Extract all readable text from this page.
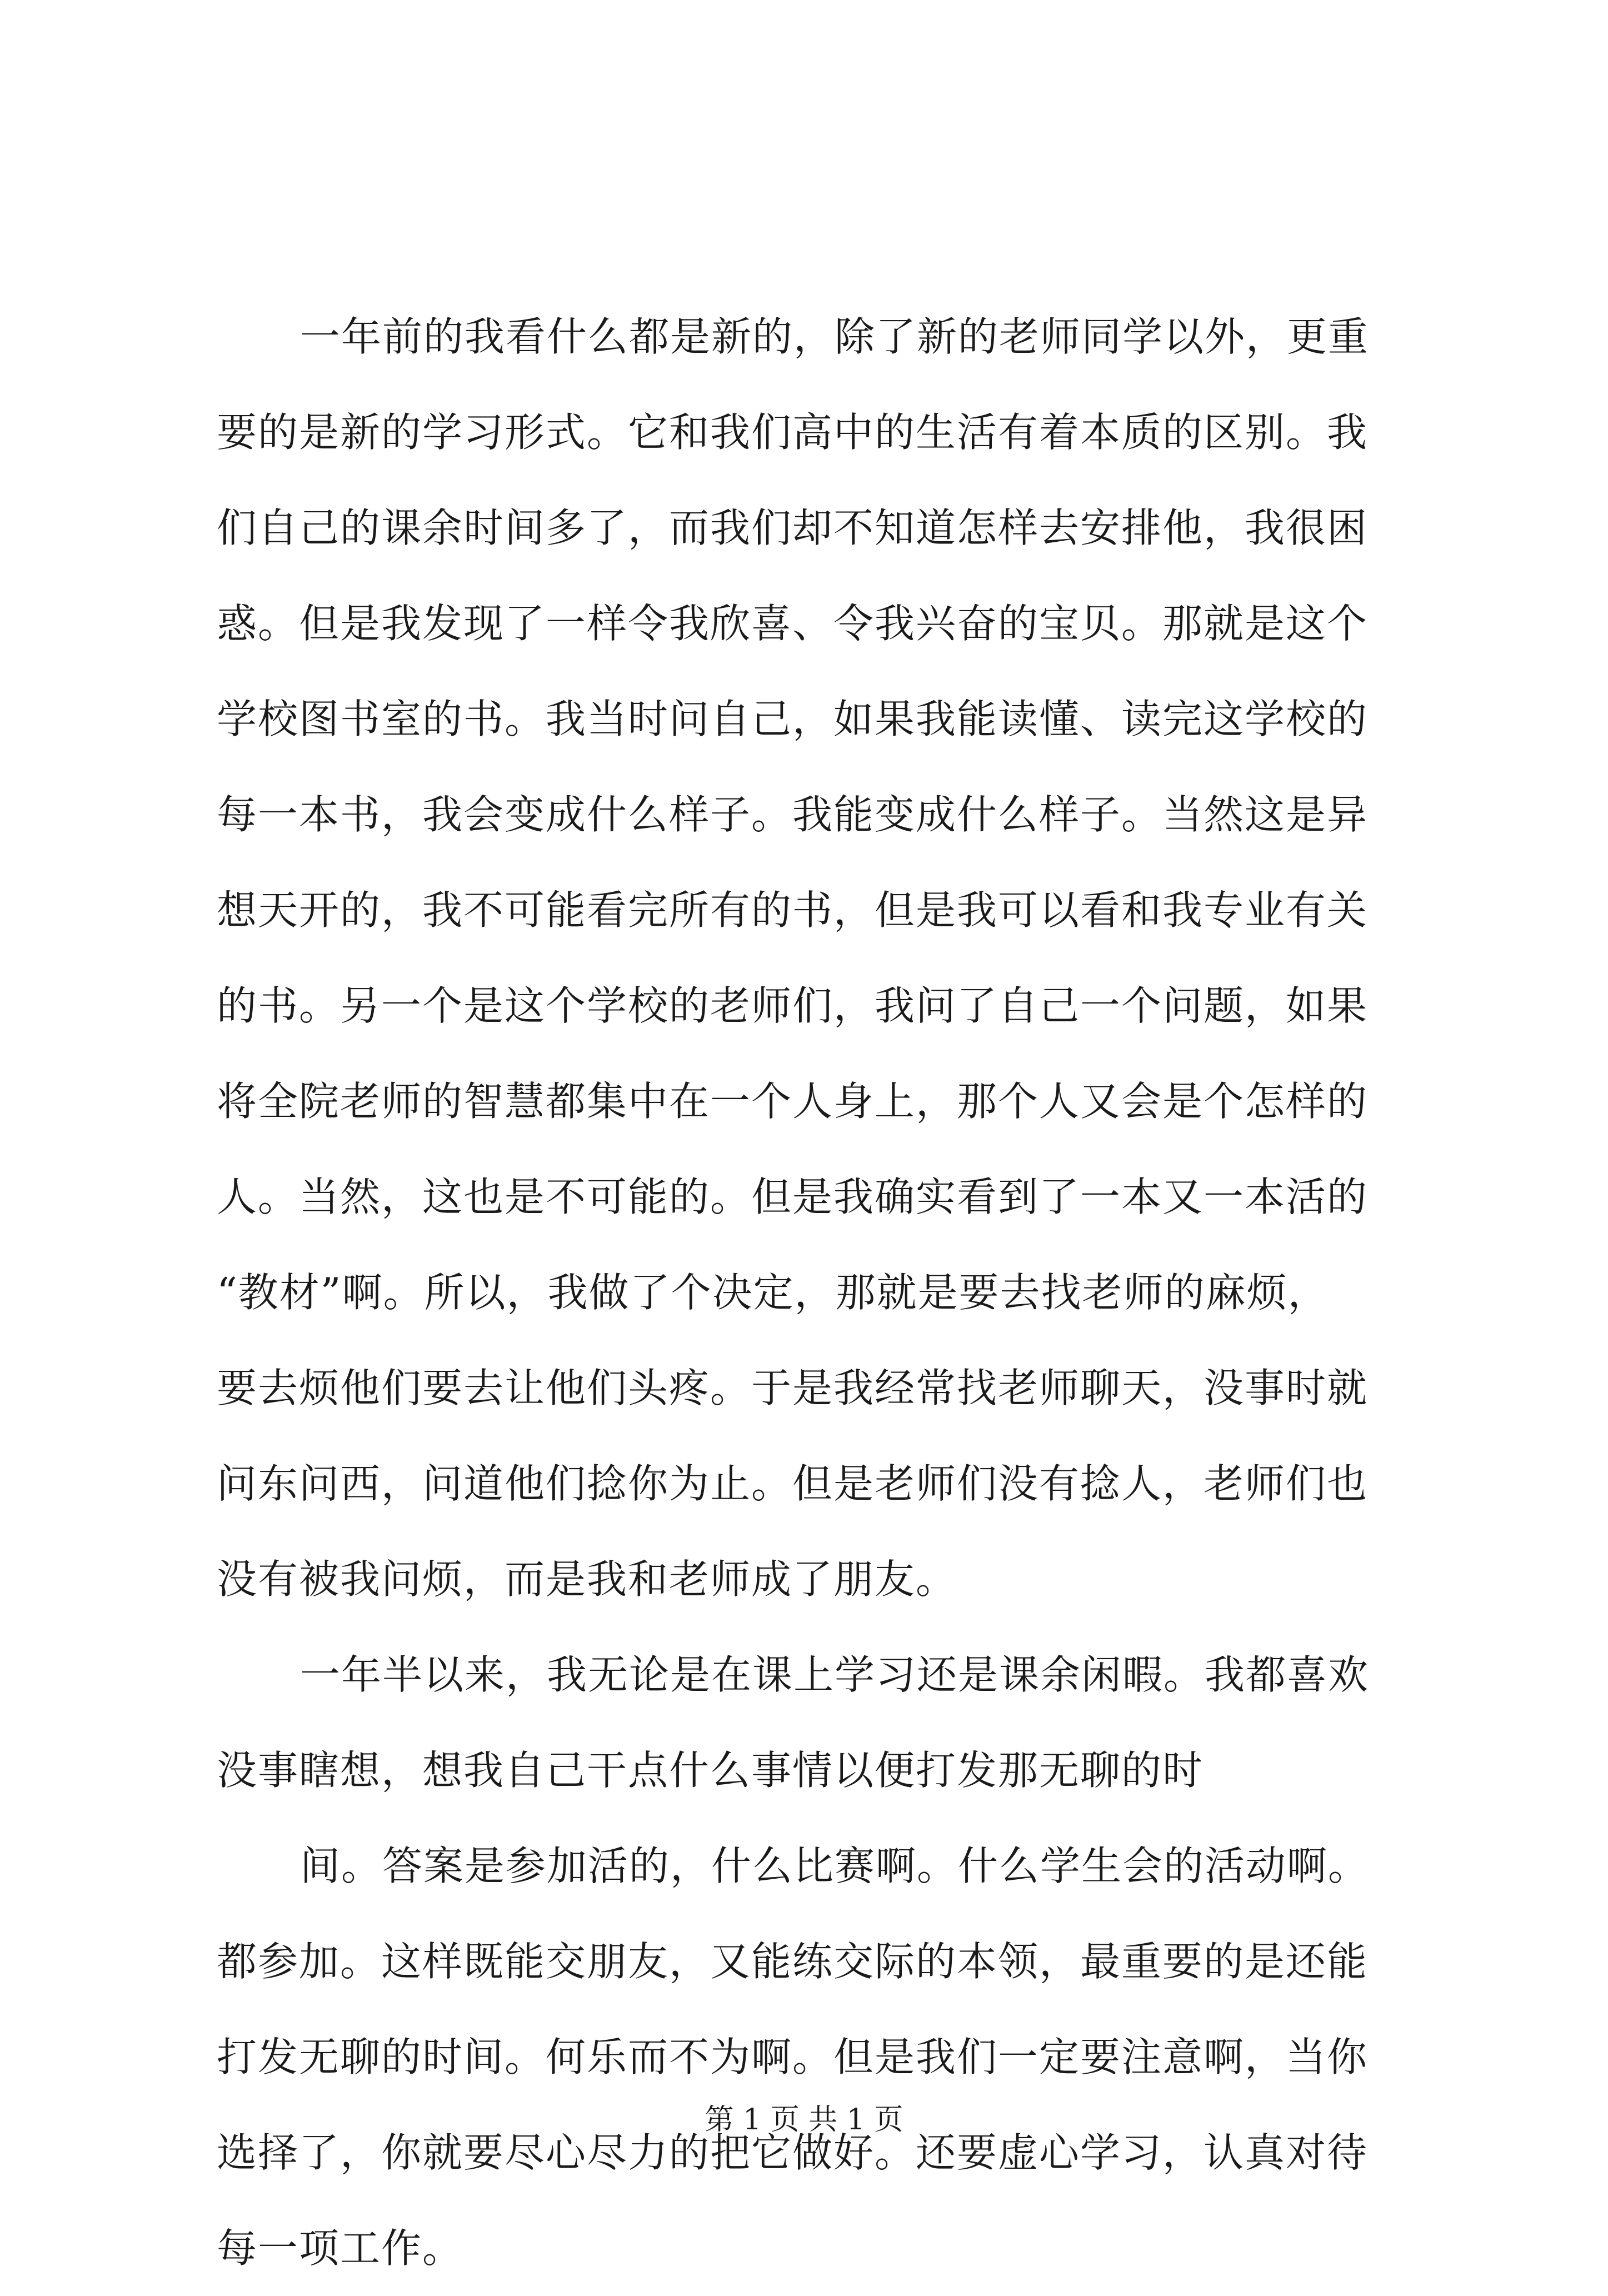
一年前的我看什么都是新的，除了新的老师同学以外，更重
要的是新的学习形式。它和我们高中的生活有着本质的区别。我
们自己的课余时间多了，而我们却不知道怎样去安排他，我很困
惑。但是我发现了一样令我欣喜、令我兴奋的宝贝。那就是这个
学校图书室的书。我当时问自己，如果我能读懂、读完这学校的
每一本书，我会变成什么样子。我能变成什么样子。当然这是异
想天开的，我不可能看完所有的书，但是我可以看和我专业有关
的书。另一个是这个学校的老师们，我问了自己一个问题，如果
将全院老师的智慧都集中在一个人身上，那个人又会是个怎样的
人。当然，这也是不可能的。但是我确实看到了一本又一本活的
“教材”啊。所以，我做了个决定，那就是要去找老师的麻烦，
要去烦他们要去让他们头疼。于是我经常找老师聊天，没事时就
问东问西，问道他们捻你为止。但是老师们没有捻人，老师们也
没有被我问烦，而是我和老师成了朋友。
一年半以来，我无论是在课上学习还是课余闲暇。我都喜欢
没事瞎想，想我自己干点什么事情以便打发那无聊的时
间。答案是参加活的，什么比赛啊。什么学生会的活动啊。
都参加。这样既能交朋友，又能练交际的本领，最重要的是还能
打发无聊的时间。何乐而不为啊。但是我们一定要注意啊，当你
选择了，你就要尽心尽力的把它做好。还要虚心学习，认真对待
每一项工作。
第 1 页 共 1 页
